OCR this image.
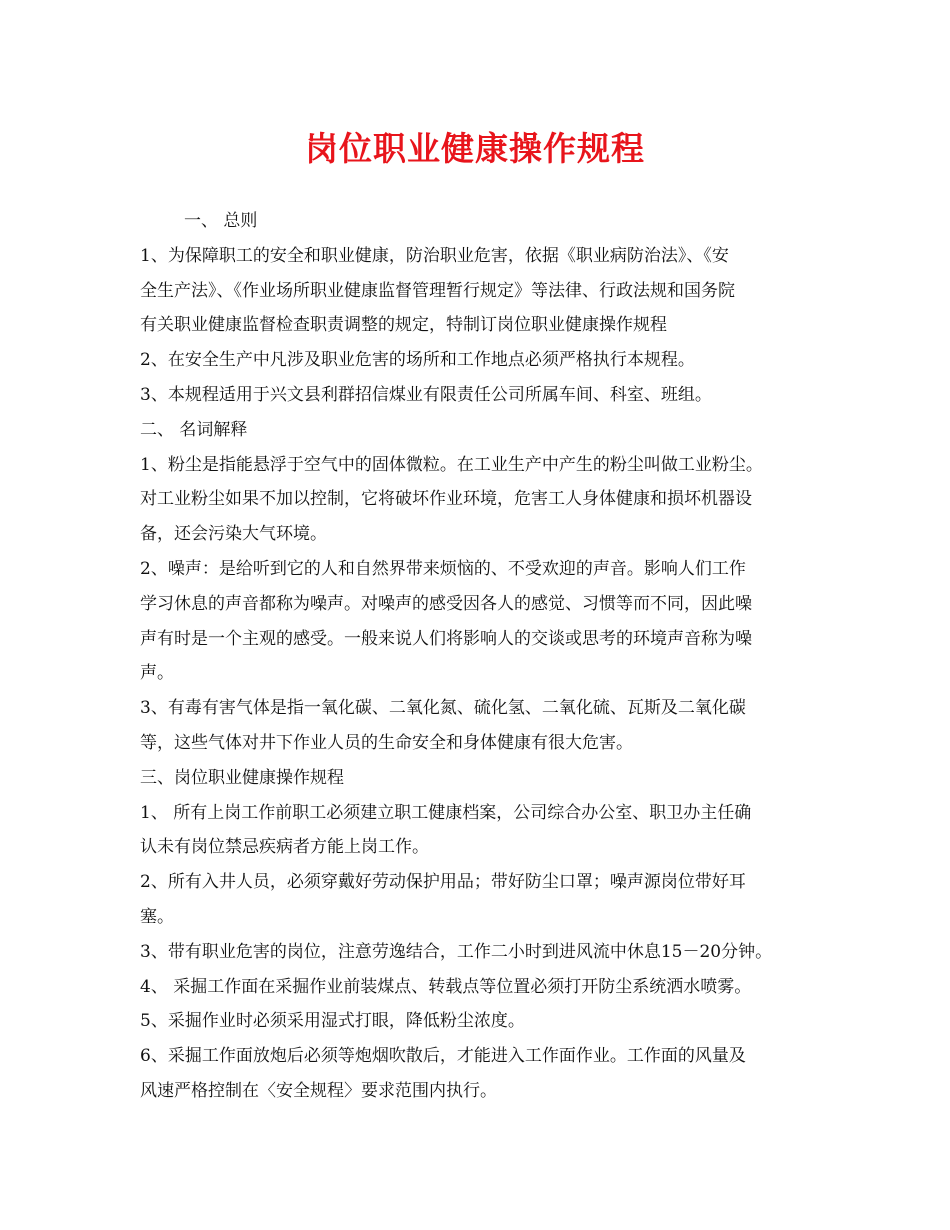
岗位职业健康操作规程
一、 总则
1、为保障职工的安全和职业健康，防治职业危害，依据《职业病防治法》、《安
全生产法》、《作业场所职业健康监督管理暂行规定》等法律、行政法规和国务院
有关职业健康监督检查职责调整的规定，特制订岗位职业健康操作规程
2、在安全生产中凡涉及职业危害的场所和工作地点必须严格执行本规程。
3、本规程适用于兴文县利群招信煤业有限责任公司所属车间、科室、班组。
二、 名词解释
1、粉尘是指能悬浮于空气中的固体微粒。在工业生产中产生的粉尘叫做工业粉尘。
对工业粉尘如果不加以控制，它将破坏作业环境，危害工人身体健康和损坏机器设
备，还会污染大气环境。
2、噪声：是给听到它的人和自然界带来烦恼的、不受欢迎的声音。影响人们工作
学习休息的声音都称为噪声。对噪声的感受因各人的感觉、习惯等而不同，因此噪
声有时是一个主观的感受。一般来说人们将影响人的交谈或思考的环境声音称为噪
声。
3、有毒有害气体是指一氧化碳、二氧化氮、硫化氢、二氧化硫、瓦斯及二氧化碳
等，这些气体对井下作业人员的生命安全和身体健康有很大危害。
三、岗位职业健康操作规程
1、 所有上岗工作前职工必须建立职工健康档案，公司综合办公室、职卫办主任确
认未有岗位禁忌疾病者方能上岗工作。
2、所有入井人员，必须穿戴好劳动保护用品；带好防尘口罩；噪声源岗位带好耳
塞。
3、带有职业危害的岗位，注意劳逸结合，工作二小时到进风流中休息15－20分钟。
4、 采掘工作面在采掘作业前装煤点、转载点等位置必须打开防尘系统洒水喷雾。
5、采掘作业时必须采用湿式打眼，降低粉尘浓度。
6、采掘工作面放炮后必须等炮烟吹散后，才能进入工作面作业。工作面的风量及
风速严格控制在〈安全规程〉要求范围内执行。
